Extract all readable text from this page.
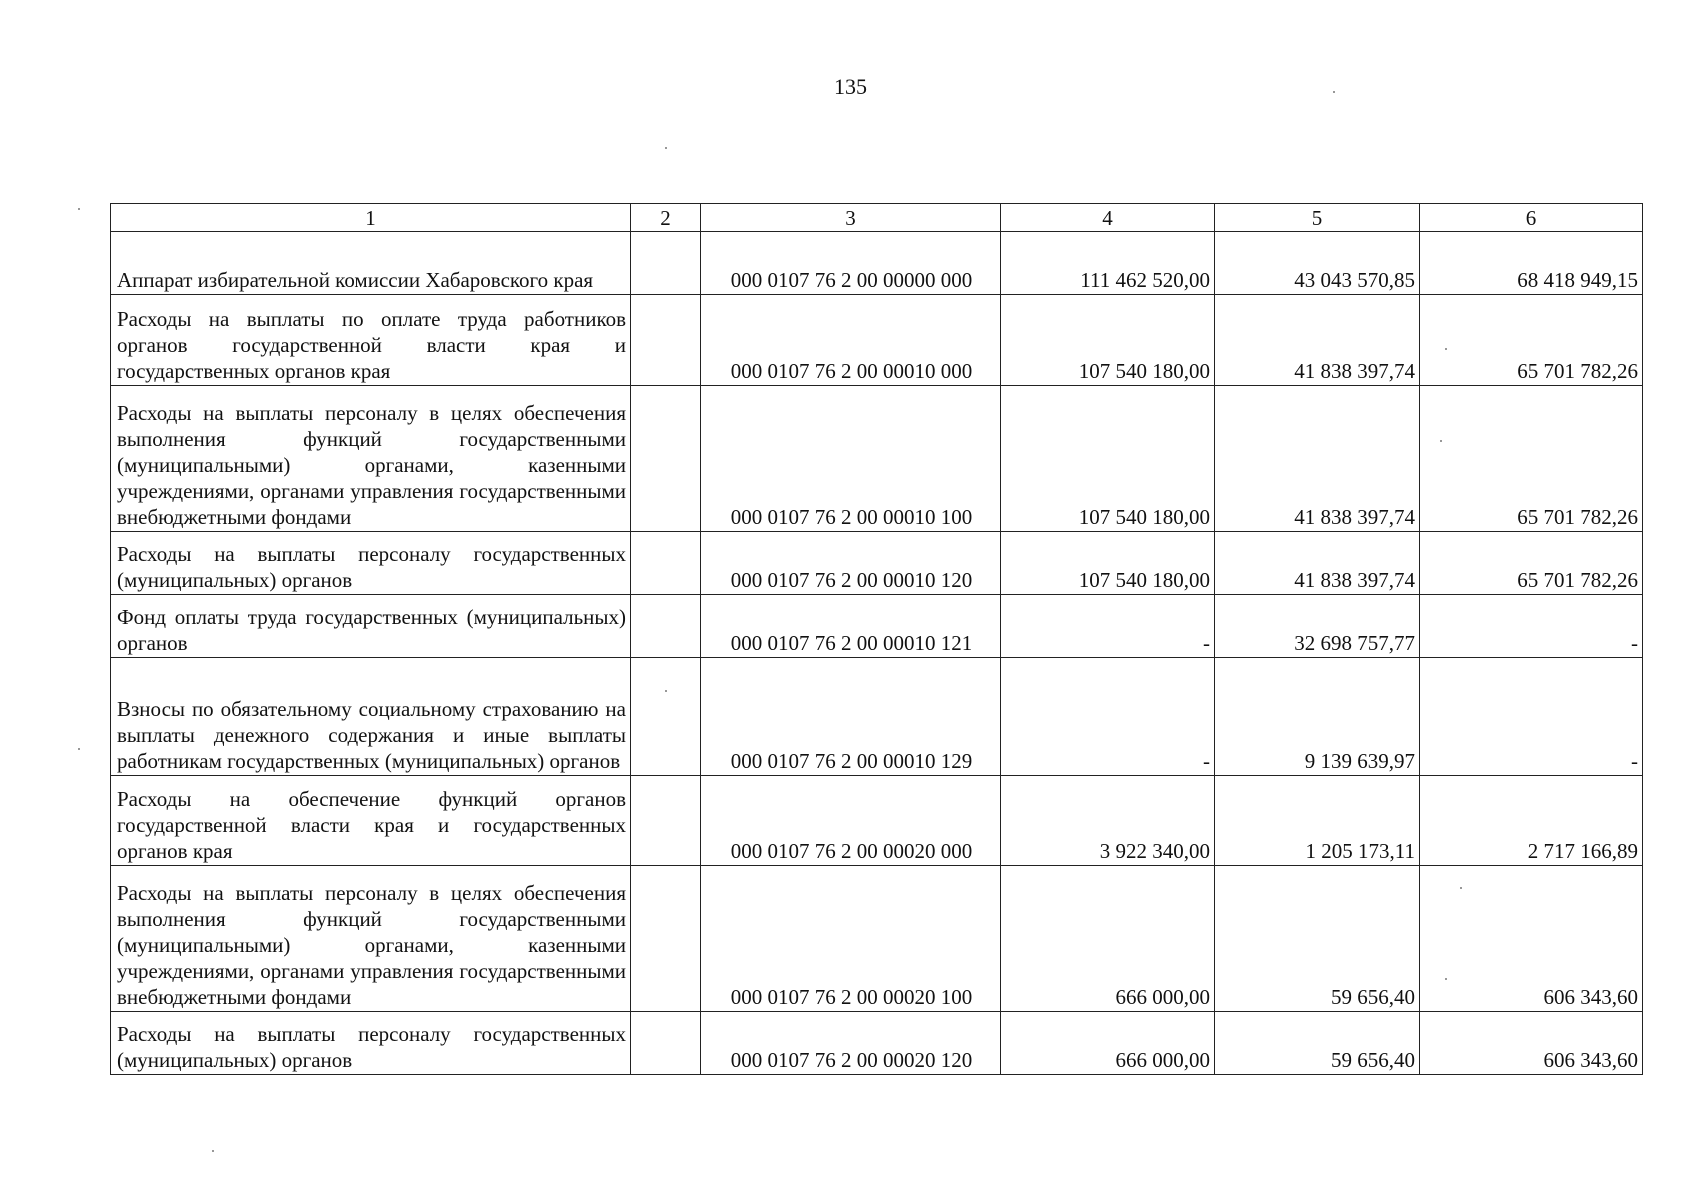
135
1	2	3	4	5	6
Аппарат избирательной комиссии Хабаровского края		000 0107 76 2 00 00000 000	111 462 520,00	43 043 570,85	68 418 949,15
Расходы на выплаты по оплате труда работников органов государственной власти края и государственных органов края		000 0107 76 2 00 00010 000	107 540 180,00	41 838 397,74	65 701 782,26
Расходы на выплаты персоналу в целях обеспечения выполнения функций государственными (муниципальными) органами, казенными учреждениями, органами управления государственными внебюджетными фондами		000 0107 76 2 00 00010 100	107 540 180,00	41 838 397,74	65 701 782,26
Расходы на выплаты персоналу государственных (муниципальных) органов		000 0107 76 2 00 00010 120	107 540 180,00	41 838 397,74	65 701 782,26
Фонд оплаты труда государственных (муниципальных) органов		000 0107 76 2 00 00010 121	-	32 698 757,77	-
Взносы по обязательному социальному страхованию на выплаты денежного содержания и иные выплаты работникам государственных (муниципальных) органов		000 0107 76 2 00 00010 129	-	9 139 639,97	-
Расходы на обеспечение функций органов государственной власти края и государственных органов края		000 0107 76 2 00 00020 000	3 922 340,00	1 205 173,11	2 717 166,89
Расходы на выплаты персоналу в целях обеспечения выполнения функций государственными (муниципальными) органами, казенными учреждениями, органами управления государственными внебюджетными фондами		000 0107 76 2 00 00020 100	666 000,00	59 656,40	606 343,60
Расходы на выплаты персоналу государственных (муниципальных) органов		000 0107 76 2 00 00020 120	666 000,00	59 656,40	606 343,60
